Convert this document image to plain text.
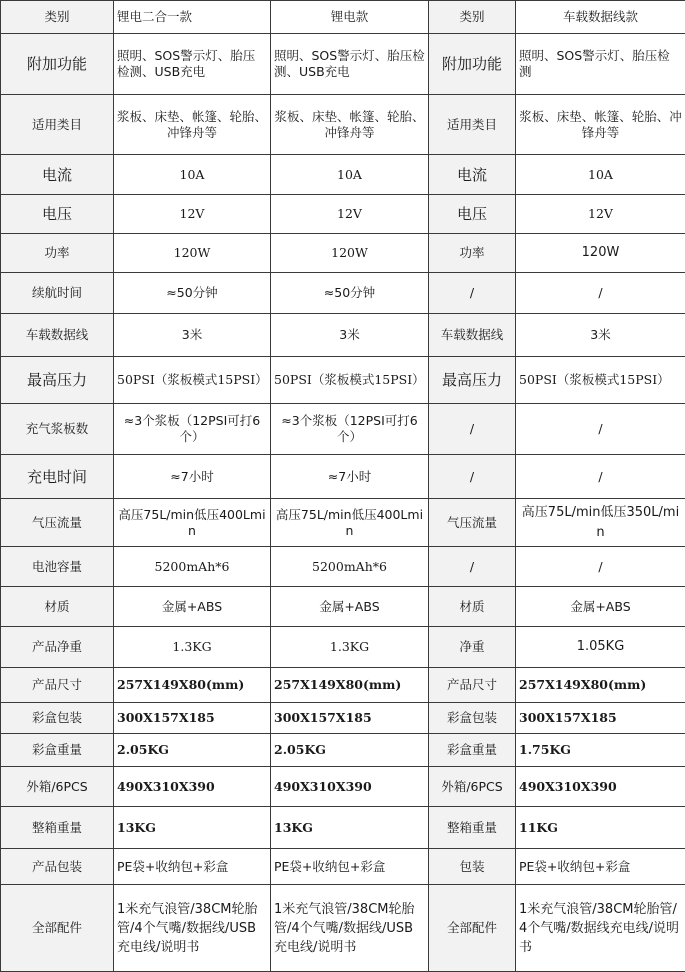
类别	锂电二合一款	锂电款	类别	车载数据线款
附加功能	照明、SOS警示灯、胎压检测、USB充电	照明、SOS警示灯、胎压检测、USB充电	附加功能	照明、SOS警示灯、胎压检测
适用类目	浆板、床垫、帐篷、轮胎、冲锋舟等	浆板、床垫、帐篷、轮胎、冲锋舟等	适用类目	浆板、床垫、帐篷、轮胎、冲锋舟等
电流	10A	10A	电流	10A
电压	12V	12V	电压	12V
功率	120W	120W	功率	120W
续航时间	≈50分钟	≈50分钟	/	/
车载数据线	3米	3米	车载数据线	3米
最高压力	50PSI（浆板模式15PSI）	50PSI（浆板模式15PSI）	最高压力	50PSI（浆板模式15PSI）
充气浆板数	≈3个浆板（12PSI可打6个）	≈3个浆板（12PSI可打6个）	/	/
充电时间	≈7小时	≈7小时	/	/
气压流量	高压75L/min低压400Lmin	高压75L/min低压400Lmin	气压流量	高压75L/min低压350L/min
电池容量	5200mAh*6	5200mAh*6	/	/
材质	金属+ABS	金属+ABS	材质	金属+ABS
产品净重	1.3KG	1.3KG	净重	1.05KG
产品尺寸	257X149X80(mm)	257X149X80(mm)	产品尺寸	257X149X80(mm)
彩盒包装	300X157X185	300X157X185	彩盒包装	300X157X185
彩盒重量	2.05KG	2.05KG	彩盒重量	1.75KG
外箱/6PCS	490X310X390	490X310X390	外箱/6PCS	490X310X390
整箱重量	13KG	13KG	整箱重量	11KG
产品包装	PE袋+收纳包+彩盒	PE袋+收纳包+彩盒	包装	PE袋+收纳包+彩盒
全部配件	1米充气浪管/38CM轮胎管/4个气嘴/数据线/USB充电线/说明书	1米充气浪管/38CM轮胎管/4个气嘴/数据线/USB充电线/说明书	全部配件	1米充气浪管/38CM轮胎管/4个气嘴/数据线充电线/说明书
